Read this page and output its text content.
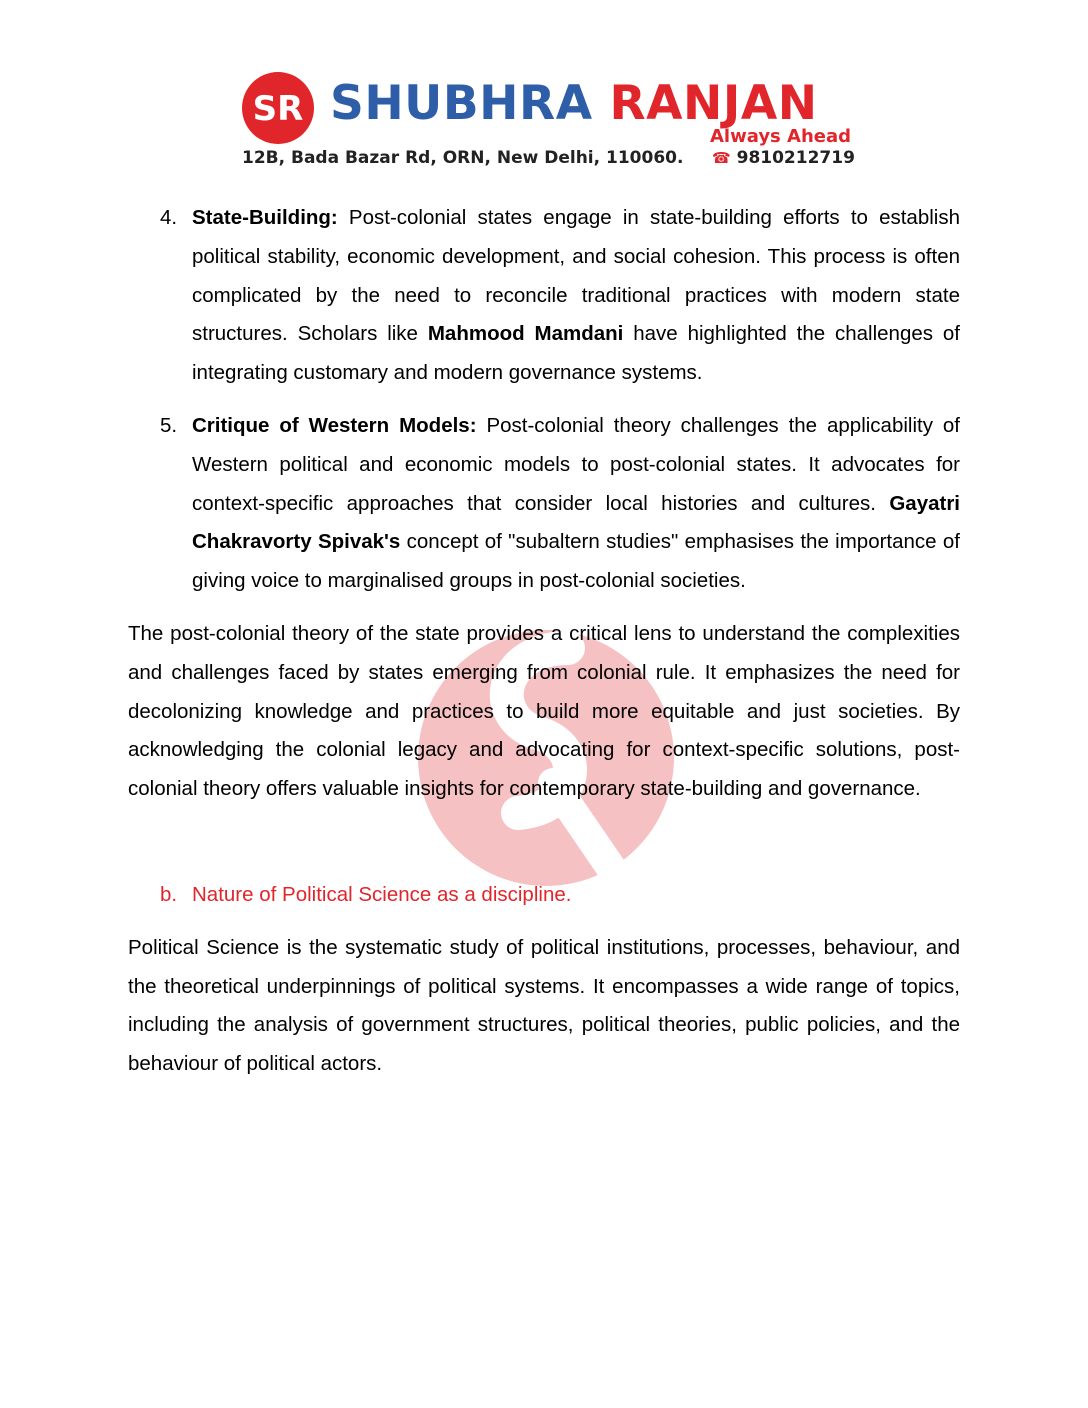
SR SHUBHRA RANJAN
Always Ahead
12B, Bada Bazar Rd, ORN, New Delhi, 110060. ☎ 9810212719
4. State-Building: Post-colonial states engage in state-building efforts to establish political stability, economic development, and social cohesion. This process is often complicated by the need to reconcile traditional practices with modern state structures. Scholars like Mahmood Mamdani have highlighted the challenges of integrating customary and modern governance systems.
5. Critique of Western Models: Post-colonial theory challenges the applicability of Western political and economic models to post-colonial states. It advocates for context-specific approaches that consider local histories and cultures. Gayatri Chakravorty Spivak's concept of "subaltern studies" emphasises the importance of giving voice to marginalised groups in post-colonial societies.

The post-colonial theory of the state provides a critical lens to understand the complexities and challenges faced by states emerging from colonial rule. It emphasizes the need for decolonizing knowledge and practices to build more equitable and just societies. By acknowledging the colonial legacy and advocating for context-specific solutions, post-colonial theory offers valuable insights for contemporary state-building and governance.

b. Nature of Political Science as a discipline.

Political Science is the systematic study of political institutions, processes, behaviour, and the theoretical underpinnings of political systems. It encompasses a wide range of topics, including the analysis of government structures, political theories, public policies, and the behaviour of political actors.
